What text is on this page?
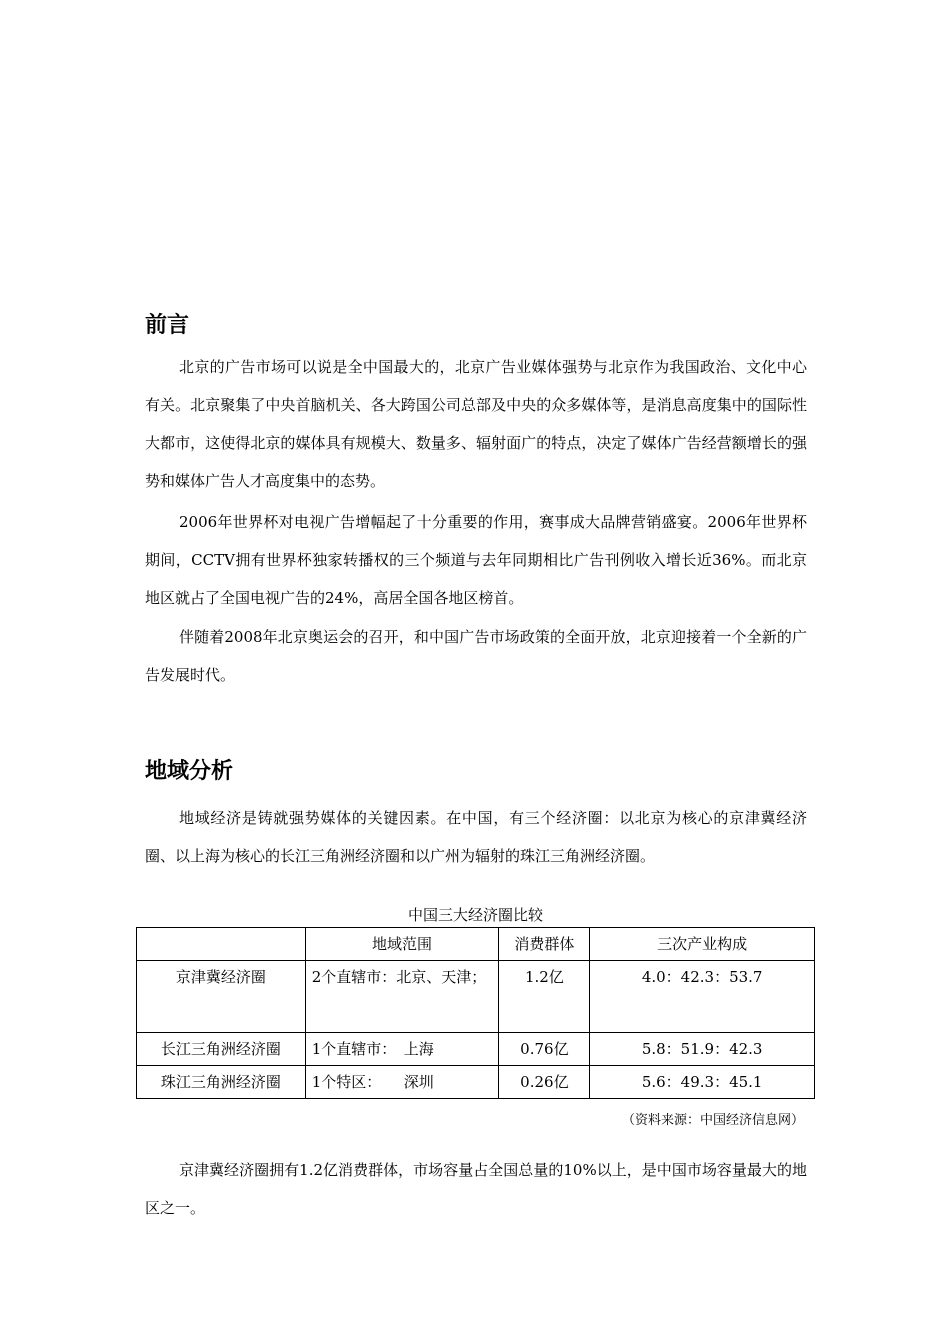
前言

北京的广告市场可以说是全中国最大的，北京广告业媒体强势与北京作为我国政治、文化中心有关。北京聚集了中央首脑机关、各大跨国公司总部及中央的众多媒体等，是消息高度集中的国际性大都市，这使得北京的媒体具有规模大、数量多、辐射面广的特点，决定了媒体广告经营额增长的强势和媒体广告人才高度集中的态势。

2006年世界杯对电视广告增幅起了十分重要的作用，赛事成大品牌营销盛宴。2006年世界杯期间，CCTV拥有世界杯独家转播权的三个频道与去年同期相比广告刊例收入增长近36%。而北京地区就占了全国电视广告的24%，高居全国各地区榜首。

伴随着2008年北京奥运会的召开，和中国广告市场政策的全面开放，北京迎接着一个全新的广告发展时代。

地域分析

地域经济是铸就强势媒体的关键因素。在中国，有三个经济圈：以北京为核心的京津冀经济圈、以上海为核心的长江三角洲经济圈和以广州为辐射的珠江三角洲经济圈。

中国三大经济圈比较
	地域范围	消费群体	三次产业构成
京津冀经济圈	2个直辖市：北京、天津；	1.2亿	4.0：42.3：53.7
长江三角洲经济圈	1个直辖市：　上海	0.76亿	5.8：51.9：42.3
珠江三角洲经济圈	1个特区：　　深圳	0.26亿	5.6：49.3：45.1
（资料来源：中国经济信息网）

京津冀经济圈拥有1.2亿消费群体，市场容量占全国总量的10%以上，是中国市场容量最大的地区之一。
